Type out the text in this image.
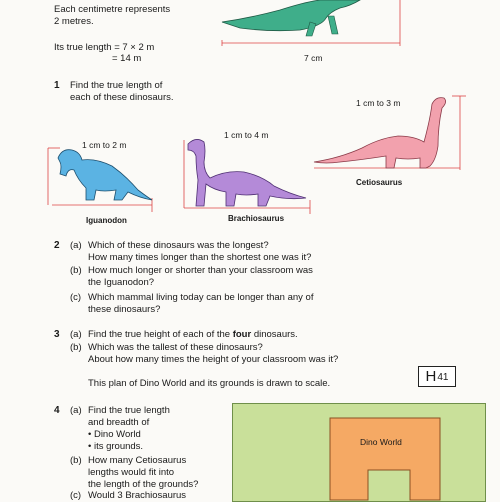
Each centimetre represents
2 metres.
Its true length = 7 × 2 m
= 14 m	7 cm
1 Find the true length of
each of these dinosaurs.
1 cm to 2 m
1 cm to 4 m
1 cm to 3 m
Iguanodon	Brachiosaurus
Cetiosaurus
2 (a) Which of these dinosaurs was the longest?
How many times longer than the shortest one was it?
(b) How much longer or shorter than your classroom was
the Iguanodon?
(c) Which mammal living today can be longer than any of
these dinosaurs?
3 (a) Find the true height of each of the four dinosaurs.
(b) Which was the tallest of these dinosaurs?
About how many times the height of your classroom was it?
This plan of Dino World and its grounds is drawn to scale.	H 41
4 (a) Find the true length
and breadth of
• Dino World
• its grounds.
(b) How many Cetiosaurus
lengths would fit into
the length of the grounds?
(c) Would 3 Brachiosaurus
Dino World
